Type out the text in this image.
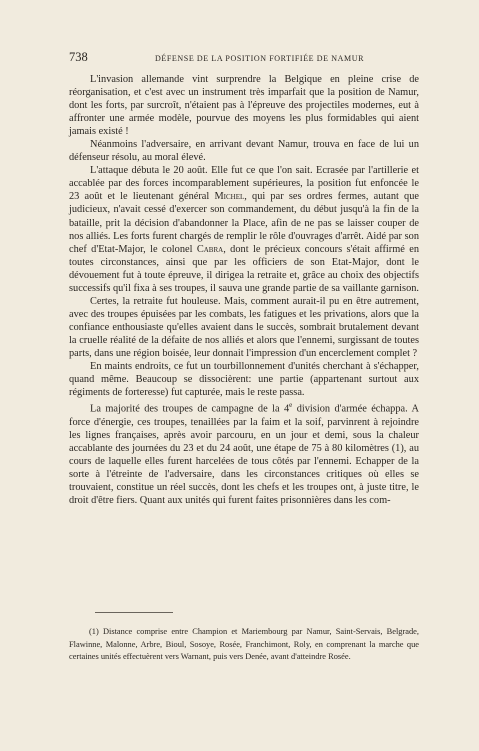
738	DÉFENSE DE LA POSITION FORTIFIÉE DE NAMUR

L'invasion allemande vint surprendre la Belgique en pleine crise de réorganisation, et c'est avec un instrument très imparfait que la position de Namur, dont les forts, par surcroît, n'étaient pas à l'épreuve des projectiles modernes, eut à affronter une armée modèle, pourvue des moyens les plus formidables qui aient jamais existé !

Néanmoins l'adversaire, en arrivant devant Namur, trouva en face de lui un défenseur résolu, au moral élevé.

L'attaque débuta le 20 août. Elle fut ce que l'on sait. Ecrasée par l'artillerie et accablée par des forces incomparablement supérieures, la position fut enfoncée le 23 août et le lieutenant général Michel, qui par ses ordres fermes, autant que judicieux, n'avait cessé d'exercer son commandement, du début jusqu'à la fin de la bataille, prit la décision d'abandonner la Place, afin de ne pas se laisser couper de nos alliés. Les forts furent chargés de remplir le rôle d'ouvrages d'arrêt. Aidé par son chef d'Etat-Major, le colonel Cabra, dont le précieux concours s'était affirmé en toutes circonstances, ainsi que par les officiers de son Etat-Major, dont le dévouement fut à toute épreuve, il dirigea la retraite et, grâce au choix des objectifs successifs qu'il fixa à ses troupes, il sauva une grande partie de sa vaillante garnison.

Certes, la retraite fut houleuse. Mais, comment aurait-il pu en être autrement, avec des troupes épuisées par les combats, les fatigues et les privations, alors que la confiance enthousiaste qu'elles avaient dans le succès, sombrait brutalement devant la cruelle réalité de la défaite de nos alliés et alors que l'ennemi, surgissant de toutes parts, dans une région boisée, leur donnait l'impression d'un encerclement complet ?

En maints endroits, ce fut un tourbillonnement d'unités cherchant à s'échapper, quand même. Beaucoup se dissocièrent: une partie (appartenant surtout aux régiments de forteresse) fut capturée, mais le reste passa.

La majorité des troupes de campagne de la 4e division d'armée échappa. A force d'énergie, ces troupes, tenaillées par la faim et la soif, parvinrent à rejoindre les lignes françaises, après avoir parcouru, en un jour et demi, sous la chaleur accablante des journées du 23 et du 24 août, une étape de 75 à 80 kilomètres (1), au cours de laquelle elles furent harcelées de tous côtés par l'ennemi. Echapper de la sorte à l'étreinte de l'adversaire, dans les circonstances critiques où elles se trouvaient, constitue un réel succès, dont les chefs et les troupes ont, à juste titre, le droit d'être fiers. Quant aux unités qui furent faites prisonnières dans les com-

(1) Distance comprise entre Champion et Mariembourg par Namur, Saint-Servais, Belgrade, Flawinne, Malonne, Arbre, Bioul, Sosoye, Rosée, Franchimont, Roly, en comprenant la marche que certaines unités effectuèrent vers Warnant, puis vers Denée, avant d'atteindre Rosée.
